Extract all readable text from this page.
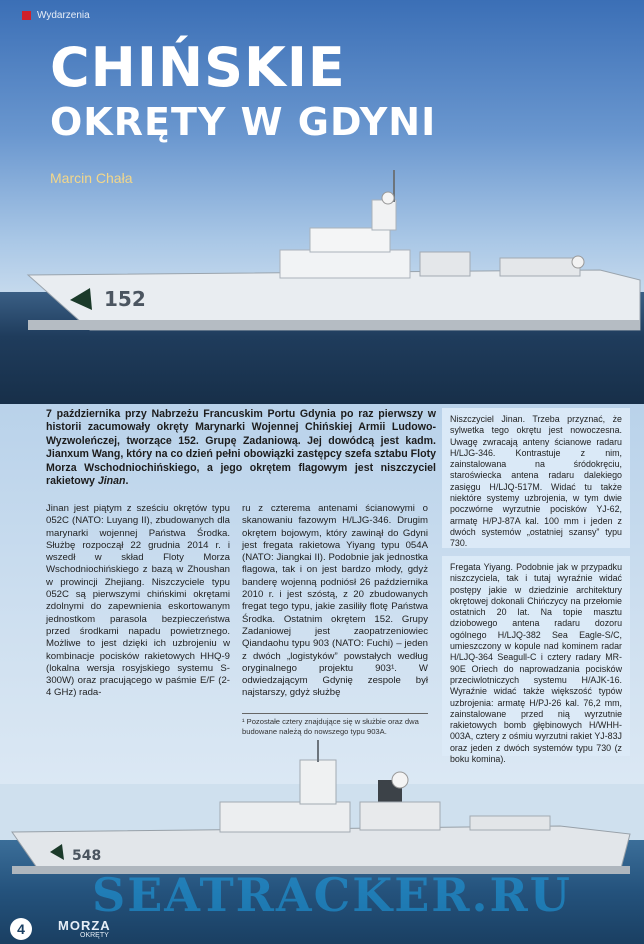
152
548
Wydarzenia
CHIŃSKIE
OKRĘTY W GDYNI
Marcin Chała
7 października przy Nabrzeżu Francuskim Portu Gdynia po raz pierwszy w historii zacumowały okręty Marynarki Wojennej Chińskiej Armii Ludowo-Wyzwoleńczej, tworzące 152. Grupę Zadaniową. Jej dowódcą jest kadm. Jianxum Wang, który na co dzień pełni obowiązki zastępcy szefa sztabu Floty Morza Wschodniochińskiego, a jego okrętem flagowym jest niszczyciel rakietowy Jinan.
Jinan jest piątym z sześciu okrętów typu 052C (NATO: Luyang II), zbudowanych dla marynarki wojennej Państwa Środka. Służbę rozpoczął 22 grudnia 2014 r. i wszedł w skład Floty Morza Wschodniochińskiego z bazą w Zhoushan w prowincji Zhejiang. Niszczyciele typu 052C są pierwszymi chińskimi okrętami zdolnymi do zapewnienia eskortowanym jednostkom parasola bezpieczeństwa przed środkami napadu powietrznego. Możliwe to jest dzięki ich uzbrojeniu w kombinacje pocisków rakietowych HHQ-9 (lokalna wersja rosyjskiego systemu S-300W) oraz pracującego w paśmie E/F (2-4 GHz) rada-
ru z czterema antenami ścianowymi o skanowaniu fazowym H/LJG-346. Drugim okrętem bojowym, który zawinął do Gdyni jest fregata rakietowa Yiyang typu 054A (NATO: Jiangkai II). Podobnie jak jednostka flagowa, tak i on jest bardzo młody, gdyż banderę wojenną podniósł 26 października 2010 r. i jest szóstą, z 20 zbudowanych fregat tego typu, jakie zasiliły flotę Państwa Środka. Ostatnim okrętem 152. Grupy Zadaniowej jest zaopatrzeniowiec Qiandaohu typu 903 (NATO: Fuchi) – jeden z dwóch „logistyków” powstałych według oryginalnego projektu 903¹. W odwiedzającym Gdynię zespole był najstarszy, gdyż służbę
¹ Pozostałe cztery znajdujące się w służbie oraz dwa budowane należą do nowszego typu 903A.
Niszczyciel Jinan. Trzeba przyznać, że sylwetka tego okrętu jest nowoczesna. Uwagę zwracają anteny ścianowe radaru H/LJG-346. Kontrastuje z nim, zainstalowana na śródokręciu, staroświecka antena radaru dalekiego zasięgu H/LJQ-517M. Widać tu także niektóre systemy uzbrojenia, w tym dwie poczwórne wyrzutnie pocisków YJ-62, armatę H/PJ-87A kal. 100 mm i jeden z dwóch systemów „ostatniej szansy” typu 730.
Fregata Yiyang. Podobnie jak w przypadku niszczyciela, tak i tutaj wyraźnie widać postępy jakie w dziedzinie architektury okrętowej dokonali Chińczycy na przełomie ostatnich 20 lat. Na topie masztu dziobowego antena radaru dozoru ogólnego H/LJQ-382 Sea Eagle-S/C, umieszczony w kopule nad kominem radar H/LJQ-364 Seagull-C i cztery radary MR-90E Oriech do naprowadzania pocisków przeciwlotniczych systemu H/AJK-16. Wyraźnie widać także większość typów uzbrojenia: armatę H/PJ-26 kal. 76,2 mm, zainstalowane przed nią wyrzutnie rakietowych bomb głębinowych H/WHH-003A, cztery z ośmiu wyrzutni rakiet YJ-83J oraz jeden z dwóch systemów typu 730 (z boku komina).
SEATRACKER.RU
4	MORZA
OKRĘTY
